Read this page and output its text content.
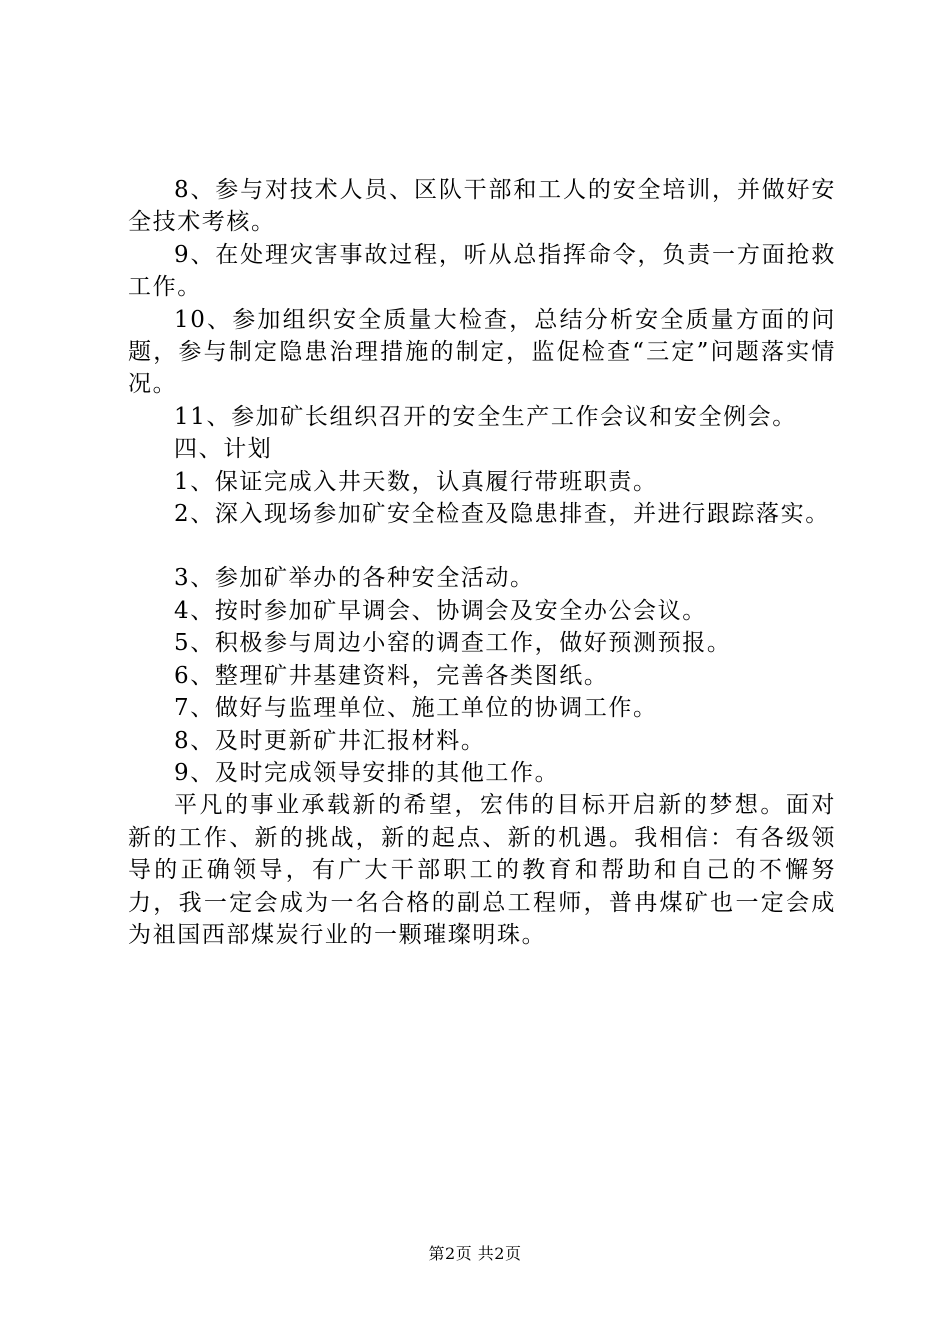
8、参与对技术人员、区队干部和工人的安全培训，并做好安全技术考核。

9、在处理灾害事故过程，听从总指挥命令，负责一方面抢救工作。

10、参加组织安全质量大检查，总结分析安全质量方面的问题，参与制定隐患治理措施的制定，监促检查“三定”问题落实情况。

11、参加矿长组织召开的安全生产工作会议和安全例会。

四、计划

1、保证完成入井天数，认真履行带班职责。

2、深入现场参加矿安全检查及隐患排查，并进行跟踪落实。

3、参加矿举办的各种安全活动。

4、按时参加矿早调会、协调会及安全办公会议。

5、积极参与周边小窑的调查工作，做好预测预报。

6、整理矿井基建资料，完善各类图纸。

7、做好与监理单位、施工单位的协调工作。

8、及时更新矿井汇报材料。

9、及时完成领导安排的其他工作。

平凡的事业承载新的希望，宏伟的目标开启新的梦想。面对新的工作、新的挑战，新的起点、新的机遇。我相信：有各级领导的正确领导，有广大干部职工的教育和帮助和自己的不懈努力，我一定会成为一名合格的副总工程师，普冉煤矿也一定会成为祖国西部煤炭行业的一颗璀璨明珠。

第2页 共2页
